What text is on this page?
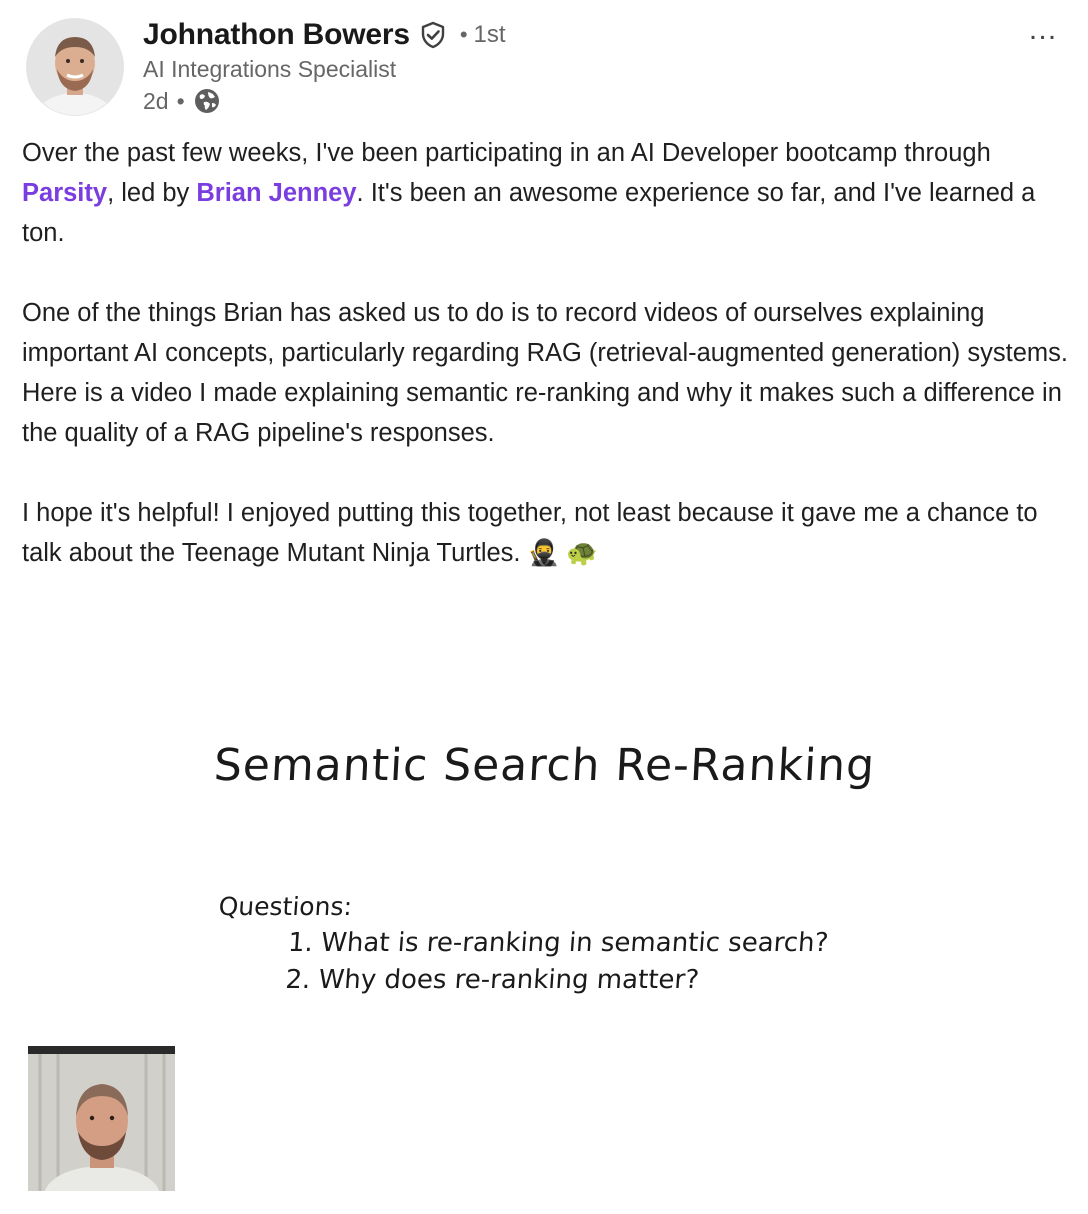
Johnathon Bowers • 1st
AI Integrations Specialist
2d •
…

Over the past few weeks, I've been participating in an AI Developer bootcamp through Parsity, led by Brian Jenney. It's been an awesome experience so far, and I've learned a ton.

One of the things Brian has asked us to do is to record videos of ourselves explaining important AI concepts, particularly regarding RAG (retrieval-augmented generation) systems. Here is a video I made explaining semantic re-ranking and why it makes such a difference in the quality of a RAG pipeline's responses.

I hope it's helpful! I enjoyed putting this together, not least because it gave me a chance to talk about the Teenage Mutant Ninja Turtles. 🥷 🐢

Semantic Search Re-Ranking
Questions:
1. What is re-ranking in semantic search?
2. Why does re-ranking matter?
